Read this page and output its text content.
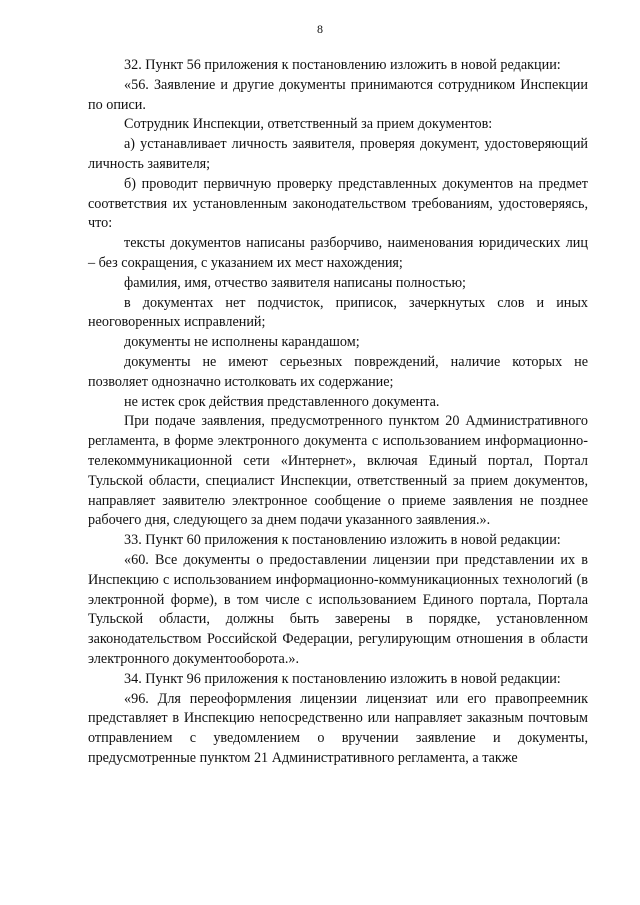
8

32. Пункт 56 приложения к постановлению изложить в новой редакции:

«56. Заявление и другие документы принимаются сотрудником Инспекции по описи.

Сотрудник Инспекции, ответственный за прием документов:

а) устанавливает личность заявителя, проверяя документ, удостоверяющий личность заявителя;

б) проводит первичную проверку представленных документов на предмет соответствия их установленным законодательством требованиям, удостоверяясь, что:

тексты документов написаны разборчиво, наименования юридических лиц – без сокращения, с указанием их мест нахождения;

фамилия, имя, отчество заявителя написаны полностью;

в документах нет подчисток, приписок, зачеркнутых слов и иных неоговоренных исправлений;

документы не исполнены карандашом;

документы не имеют серьезных повреждений, наличие которых не позволяет однозначно истолковать их содержание;

не истек срок действия представленного документа.

При подаче заявления, предусмотренного пунктом 20 Административного регламента, в форме электронного документа с использованием информационно-телекоммуникационной сети «Интернет», включая Единый портал, Портал Тульской области, специалист Инспекции, ответственный за прием документов, направляет заявителю электронное сообщение о приеме заявления не позднее рабочего дня, следующего за днем подачи указанного заявления.».

33. Пункт 60 приложения к постановлению изложить в новой редакции:

«60. Все документы о предоставлении лицензии при представлении их в Инспекцию с использованием информационно-коммуникационных технологий (в электронной форме), в том числе с использованием Единого портала, Портала Тульской области, должны быть заверены в порядке, установленном законодательством Российской Федерации, регулирующим отношения в области электронного документооборота.».

34. Пункт 96 приложения к постановлению изложить в новой редакции:

«96. Для переоформления лицензии лицензиат или его правопреемник представляет в Инспекцию непосредственно или направляет заказным почтовым отправлением с уведомлением о вручении заявление и документы, предусмотренные пунктом 21 Административного регламента, а также
